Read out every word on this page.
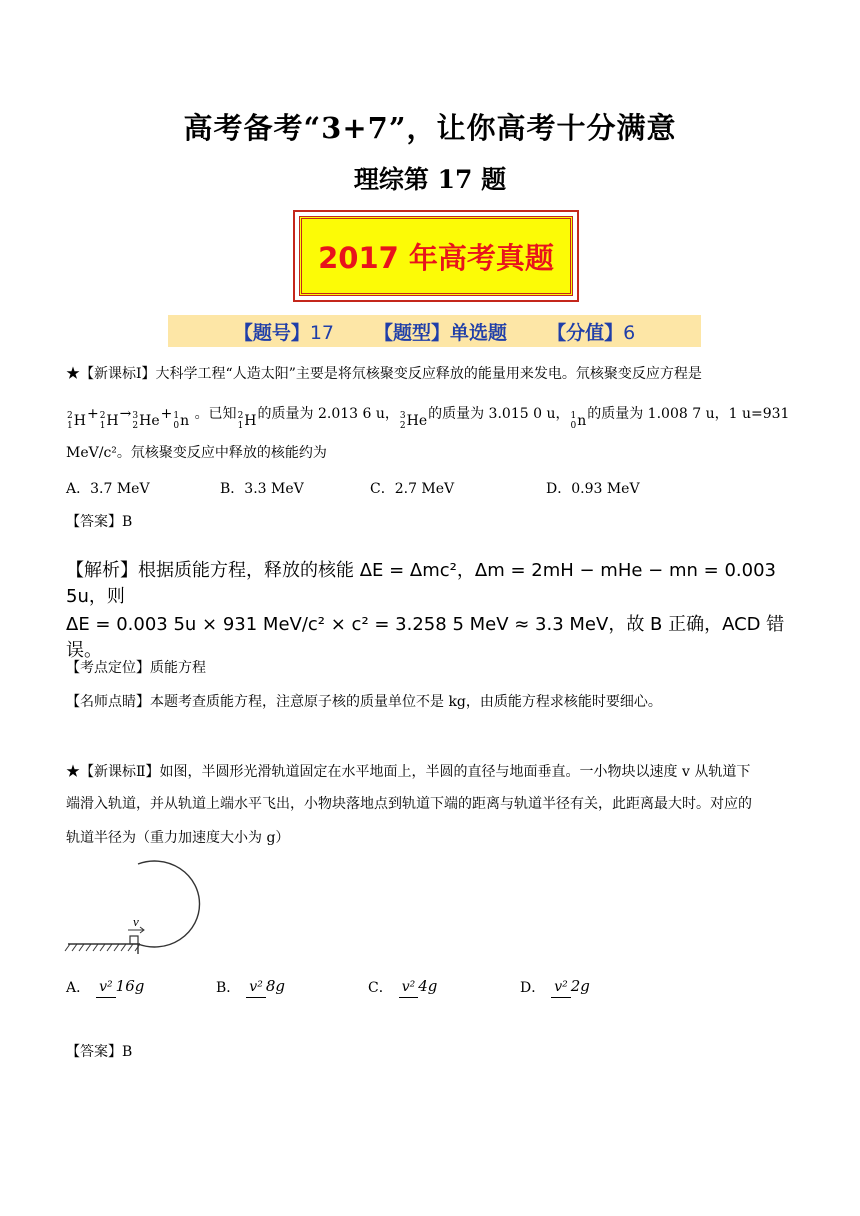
高考备考“3+7”，让你高考十分满意
理综第 17 题
2017 年高考真题
【题号】17 【题型】单选题 【分值】6
★【新课标Ⅰ】大科学工程“人造太阳”主要是将氘核聚变反应释放的能量用来发电。氘核聚变反应方程是
2
1 H+ 2
1 H→ 3
2 He+ 1
0 n 。已知 2
1 H的质量为 2.013 6 u， 3
2 He的质量为 3.015 0 u， 1
0 n的质量为 1.008 7 u，1 u=931
MeV/c²。氘核聚变反应中释放的核能约为
A．3.7 MeV	B．3.3 MeV	C．2.7 MeV	D．0.93 MeV
【答案】B
【解析】根据质能方程，释放的核能 ΔE = Δmc²，Δm = 2mH − mHe − mn = 0.003 5u，则
ΔE = 0.003 5u × 931 MeV/c² × c² = 3.258 5 MeV ≈ 3.3 MeV，故 B 正确，ACD 错误。
【考点定位】质能方程
【名师点睛】本题考查质能方程，注意原子核的质量单位不是 kg，由质能方程求核能时要细心。
★【新课标Ⅱ】如图，半圆形光滑轨道固定在水平地面上，半圆的直径与地面垂直。一小物块以速度 v 从轨道下
端滑入轨道，并从轨道上端水平飞出，小物块落地点到轨道下端的距离与轨道半径有关，此距离最大时。对应的
轨道半径为（重力加速度大小为 g）
v
A． v² 16g	B． v² 8g	C． v² 4g	D． v² 2g
【答案】B
